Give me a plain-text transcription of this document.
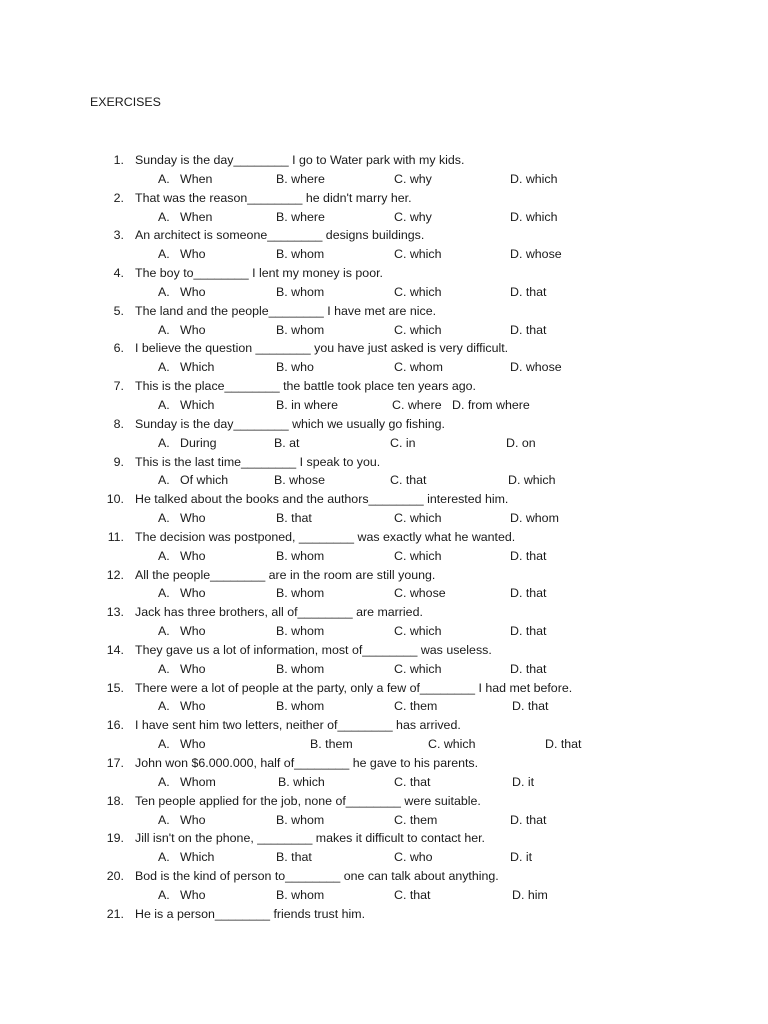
EXERCISES
1. Sunday is the day________ I go to Water park with my kids.
A. When	B. where	C. why	D. which
2. That was the reason________ he didn't marry her.
A. When	B. where	C. why	D. which
3. An architect is someone________ designs buildings.
A. Who	B. whom	C. which	D. whose
4. The boy to________ I lent my money is poor.
A. Who	B. whom	C. which	D. that
5. The land and the people________ I have met are nice.
A. Who	B. whom	C. which	D. that
6. I believe the question ________ you have just asked is very difficult.
A. Which	B. who	C. whom	D. whose
7. This is the place________ the battle took place ten years ago.
A. Which	B. in where	C. where D. from where
8. Sunday is the day________ which we usually go fishing.
A. During	B. at	C. in	D. on
9. This is the last time________ I speak to you.
A. Of which	B. whose	C. that	D. which
10. He talked about the books and the authors________ interested him.
A. Who	B. that	C. which	D. whom
11. The decision was postponed, ________ was exactly what he wanted.
A. Who	B. whom	C. which	D. that
12. All the people________ are in the room are still young.
A. Who	B. whom	C. whose	D. that
13. Jack has three brothers, all of________ are married.
A. Who	B. whom	C. which	D. that
14. They gave us a lot of information, most of________ was useless.
A. Who	B. whom	C. which	D. that
15. There were a lot of people at the party, only a few of________ I had met before.
A. Who	B. whom	C. them	D. that
16. I have sent him two letters, neither of________ has arrived.
A. Who	B. them	C. which	D. that
17. John won $6.000.000, half of________ he gave to his parents.
A. Whom	B. which	C. that	D. it
18. Ten people applied for the job, none of________ were suitable.
A. Who	B. whom	C. them	D. that
19. Jill isn't on the phone, ________ makes it difficult to contact her.
A. Which	B. that	C. who	D. it
20. Bod is the kind of person to________ one can talk about anything.
A. Who	B. whom	C. that	D. him
21. He is a person________ friends trust him.
